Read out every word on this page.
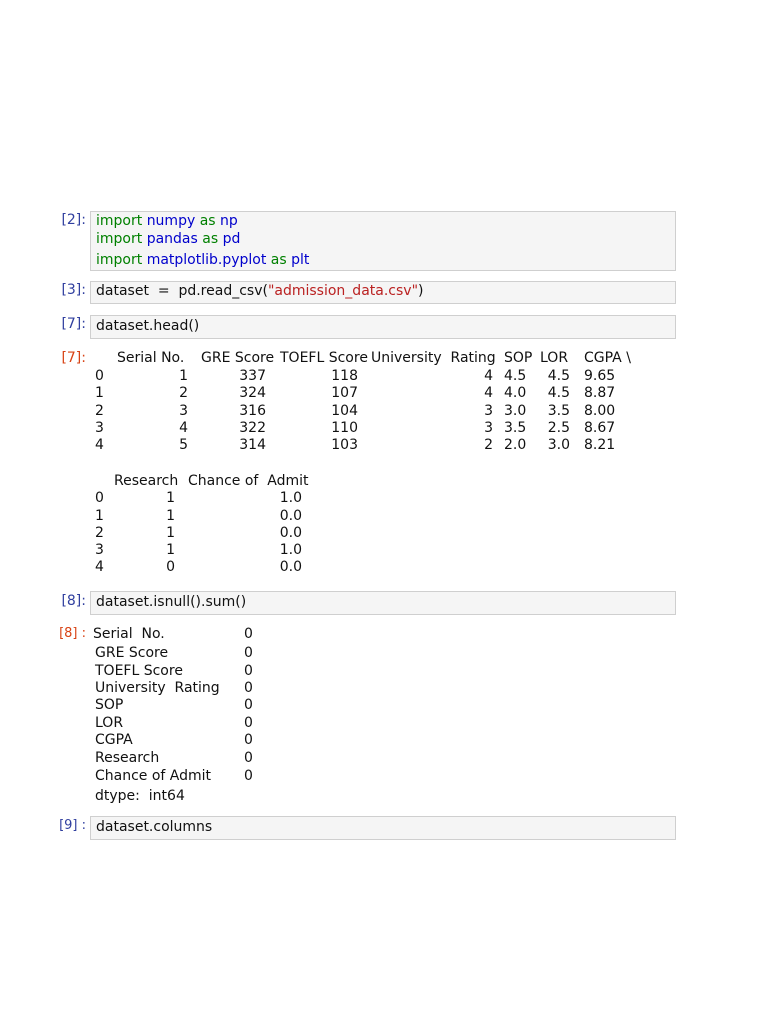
[2]: import numpy as np
import pandas as pd
import matplotlib.pyplot as plt
[3]: dataset  =  pd.read_csv("admission_data.csv")
[7]: dataset.head()
[7]: Serial No. GRE Score TOEFL Score University  Rating SOP LOR CGPA \
0	1	337	118	4 4.5	4.5 9.65
1	2	324	107	4 4.0	4.5 8.87
2	3	316	104	3 3.0	3.5 8.00
3	4	322	110	3 3.5	2.5 8.67
4	5	314	103	2 2.0	3.0 8.21
Research Chance of  Admit
0	1	1.0
1	1	0.0
2	1	0.0
3	1	1.0
4	0	0.0
[8]: dataset.isnull().sum()
[8] : Serial  No.	0
GRE Score	0
TOEFL Score	0
University  Rating 0
SOP	0
LOR	0
CGPA	0
Research	0
Chance of Admit 0
dtype:  int64
[9] : dataset.columns
